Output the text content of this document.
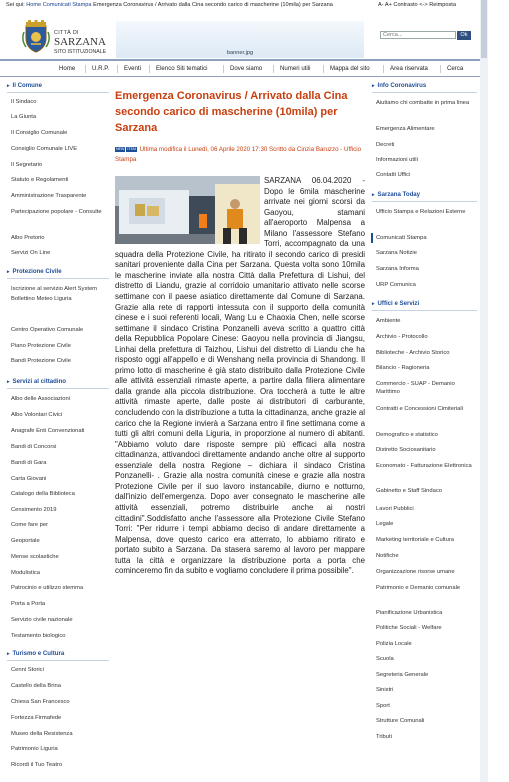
Sei qui: Home Comunicati Stampa Emergenza Coronavirus / Arrivato dalla Cina secondo carico di mascherine (10mila) per Sarzana	A- A+ Contrasto <-> Reimposta
CITTÀ DI
SARZANA
SITO ISTITUZIONALE	banner.jpg
Cerca...
Ok
Home	U.R.P. Eventi Elenco Siti tematici	Dove siamo	Numeri utili	Mappa del sito	Area riservata	Cerca
▸ Il Comune
Il Sindaco
La Giunta
Il Consiglio Comunale
Consiglio Comunale LIVE
Il Segretario
Statuto e Regolamenti
Amministrazione Trasparente
Partecipazione popolare - Consulte
Albo Pretorio
Servizi On Line
▸ Protezione Civile
Iscrizione al servizio Alert System
Bollettino Meteo Liguria
Centro Operativo Comunale
Piano Protezione Civile
Bandi Protezione Civile
▸ Servizi al cittadino
Albo delle Associazioni
Albo Volontari Civici
Anagrafe Enti Convenzionati
Bandi di Concorsi
Bandi di Gara
Carta Giovani
Catalogo della Biblioteca
Censimento 2019
Come fare per
Geoportale
Mense scolastiche
Modulistica
Patrocinio e utilizzo stemma
Porta a Porta
Servizio civile nazionale
Testamento biologico
▸ Turismo e Cultura
Cenni Storici
Castello della Brina
Chiesa San Francesco
Fortezza Firmafede
Museo della Resistenza
Patrimonio Liguria
Ricordi il Tuo Teatro
▸ Info Coronavirus
Aiutiamo chi combatte in prima linea
Emergenza Alimentare
Decreti
Informazioni utili
Contatti Uffici
▸ Sarzana Today
Ufficio Stampa e Relazioni Esterne
Comunicati Stampa
Sarzana Notizie
Sarzana Informa
URP Comunica
▸ Uffici e Servizi
Ambiente
Archivio - Protocollo
Biblioteche - Archivio Storico
Bilancio - Ragioneria
Commercio - SUAP - Demanio Marittimo
Contratti e Concessioni Cimiteriali
Demografico e statistico
Distretto Sociosanitario
Economato - Fatturazione Elettronica
Gabinetto e Staff Sindaco
Lavori Pubblici
Legale
Marketing territoriale e Cultura
Notifiche
Organizzazione risorse umane
Patrimonio e Demanio comunale
Pianificazione Urbanistica
Politiche Sociali - Welfare
Polizia Locale
Scuola
Segreteria Generale
Sinistri
Sport
Strutture Comunali
Tributi
Emergenza Coronavirus / Arrivato dalla Cina secondo carico di mascherine (10mila) per Sarzana
NEW ITEM Ultima modifica il Lunedì, 06 Aprile 2020 17:30 Scritto da Cinzia Baruzzo - Ufficio Stampa
SARZANA 06.04.2020 - Dopo le 6mila mascherine arrivate nei giorni scorsi da Gaoyou, stamani all'aeroporto Malpensa a Milano l'assessore Stefano Torri, accompagnato da una squadra della Protezione Civile, ha ritirato il secondo carico di presidi sanitari proveniente dalla Cina per Sarzana. Questa volta sono 10mila le mascherine inviate alla nostra Città dalla Prefettura di Lishui, del distretto di Liandu, grazie al corridoio umanitario attivato nelle scorse settimane con il paese asiatico direttamente dal Comune di Sarzana. Grazie alla rete di rapporti intessuta con il supporto della comunità cinese e i suoi referenti locali, Wang Lu e Chaoxia Chen, nelle scorse settimane il sindaco Cristina Ponzanelli aveva scritto a quattro città della Repubblica Popolare Cinese: Gaoyou nella provincia di Jiangsu, Linhai della prefettura di Taizhou, Lishui del distretto di Liandu che ha risposto oggi all'appello e di Wenshang nella provincia di Shandong. Il primo lotto di mascherine è già stato distribuito dalla Protezione Civile alle attività essenziali rimaste aperte, a partire dalla filiera alimentare dalla grande alla piccola distribuzione. Ora toccherà a tutte le altre attività rimaste aperte, dalle poste ai distributori di carburante, concludendo con la distribuzione a tutta la cittadinanza, anche grazie al carico che la Regione invierà a Sarzana entro il fine settimana come a tutti gli altri comuni della Liguria, in proporzione al numero di abitanti. "Abbiamo voluto dare risposte sempre più efficaci alla nostra cittadinanza, attivandoci direttamente andando anche oltre al supporto essenziale della nostra Regione – dichiara il sindaco Cristina Ponzanelli- . Grazie alla nostra comunità cinese e grazie alla nostra Protezione Civile per il suo lavoro instancabile, diurno e notturno, dall'inizio dell'emergenza. Dopo aver consegnato le mascherine alle attività essenziali, potremo distribuirle anche ai nostri cittadini".Soddisfatto anche l'assessore alla Protezione Civile Stefano Torri: "Per ridurre i tempi abbiamo deciso di andare direttamente a Malpensa, dove questo carico era atterrato, lo abbiamo ritirato e portato subito a Sarzana. Da stasera saremo al lavoro per mappare tutta la città e organizzare la distribuzione porta a porta che cominceremo fin da subito e vogliamo concludere il prima possibile".
